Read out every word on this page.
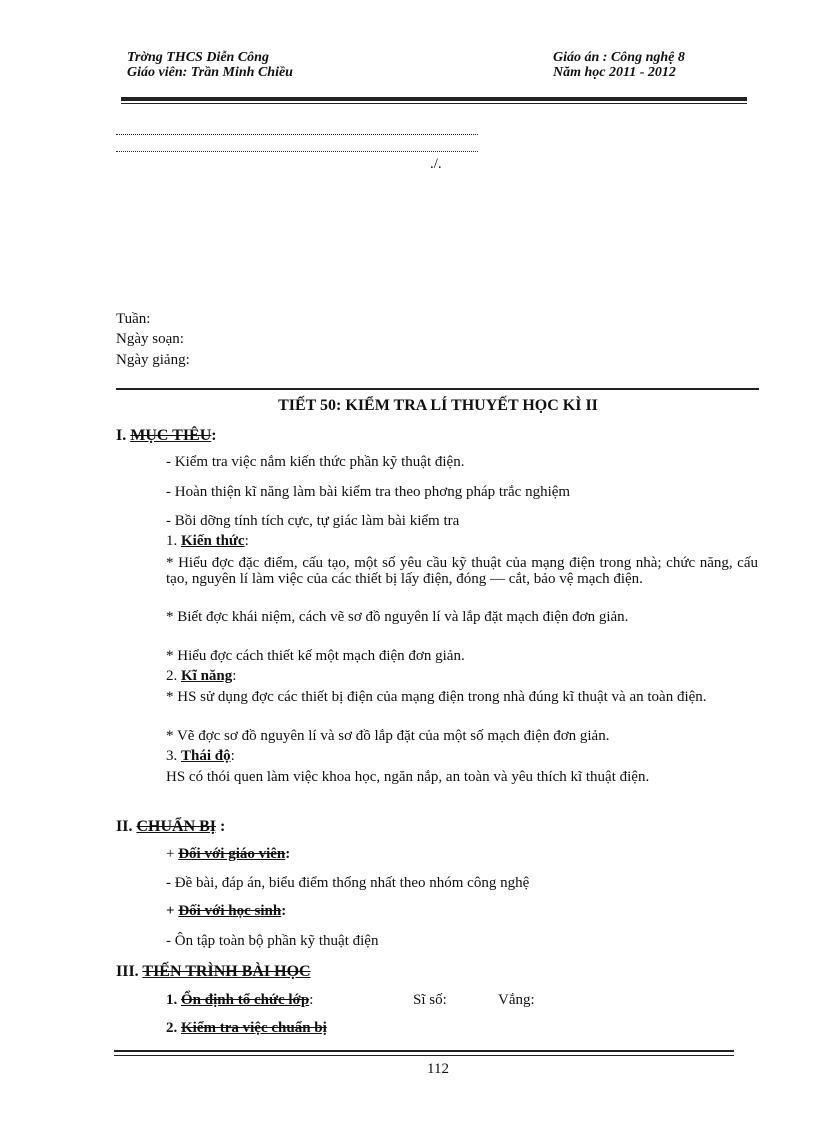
Trờng THCS Diễn Công
Giáo viên: Trần Minh Chiều
Giáo án : Công nghệ 8
Năm học 2011 - 2012
./.
Tuần:
Ngày soạn:
Ngày giảng:
TIẾT 50: KIỂM TRA LÍ THUYẾT HỌC KÌ II
I. MỤC TIÊU:
- Kiểm tra việc nắm kiến thức phần kỹ thuật điện.
- Hoàn thiện kĩ năng làm bài kiểm tra theo phơng pháp trắc nghiệm
- Bồi dỡng tính tích cực, tự giác làm bài kiểm tra
1. Kiến thức:
* Hiểu đợc đặc điểm, cấu tạo, một số yêu cầu kỹ thuật của mạng điện trong nhà; chức năng, cấu tạo, nguyên lí làm việc của các thiết bị lấy điện, đóng — cắt, bảo vệ mạch điện.
* Biết đợc khái niệm, cách vẽ sơ đồ nguyên lí và lắp đặt mạch điện đơn giản.
* Hiểu đợc cách thiết kế một mạch điện đơn giản.
2. Kĩ năng:
* HS sử dụng đợc các thiết bị điện của mạng điện trong nhà đúng kĩ thuật và an toàn điện.
* Vẽ đợc sơ đồ nguyên lí và sơ đồ lắp đặt của một số mạch điện đơn giản.
3. Thái độ:
HS có thói quen làm việc khoa học, ngăn nắp, an toàn và yêu thích kĩ thuật điện.
II. CHUẨN BỊ :
+ Đối với giáo viên:
- Đề bài, đáp án, biểu điểm thống nhất theo nhóm công nghệ
+ Đối với học sinh:
- Ôn tập toàn bộ phần kỹ thuật điện
III. TIẾN TRÌNH BÀI HỌC
1. Ổn định tổ chức lớp:	Sĩ số:	Vắng:
2. Kiểm tra việc chuẩn bị
112
